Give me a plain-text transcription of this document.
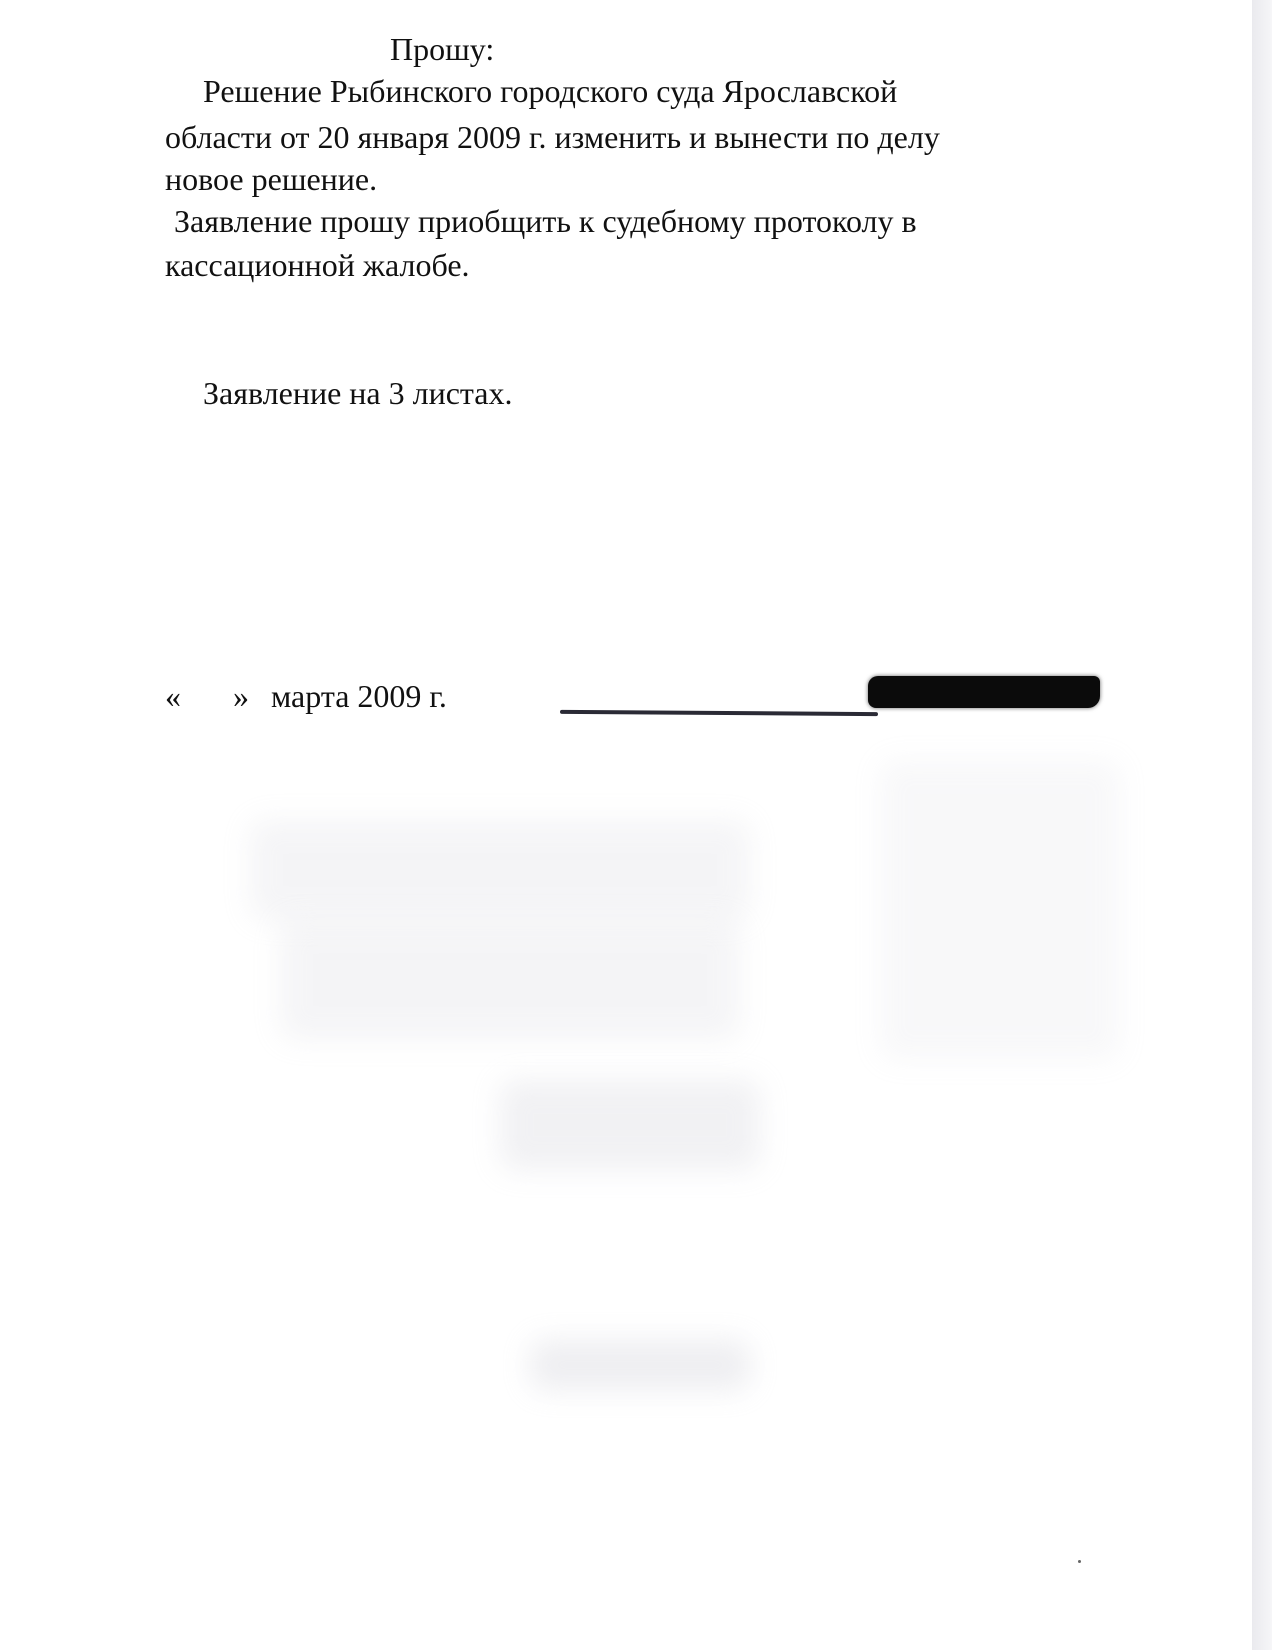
Прошу:
Решение Рыбинского городского суда Ярославской
области от 20 января 2009 г. изменить и вынести по делу
новое решение.
Заявление прошу приобщить к судебному протоколу в
кассационной жалобе.
Заявление на 3 листах.
« » марта 2009 г.
